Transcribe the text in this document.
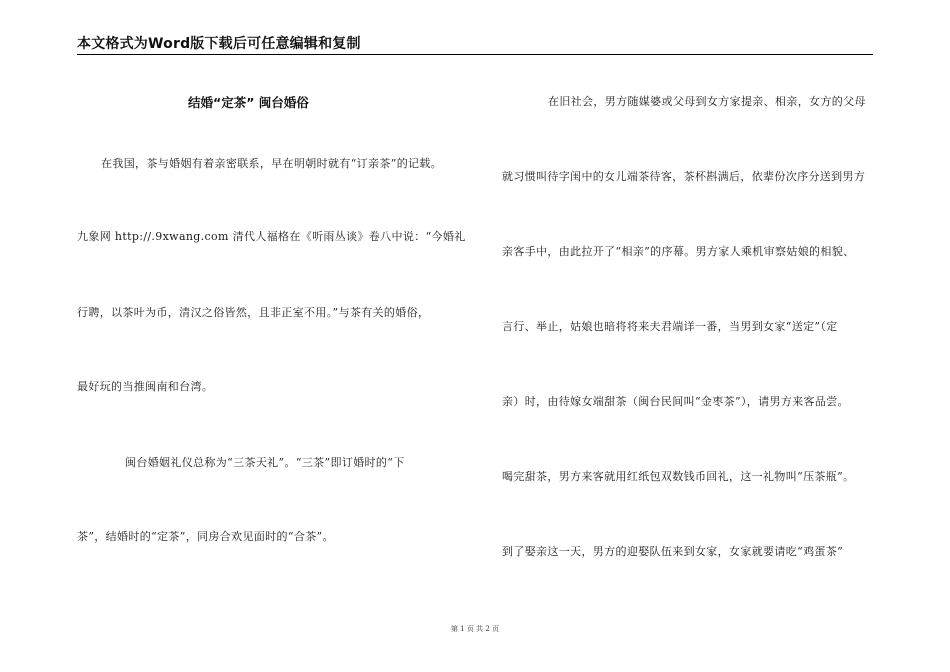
本文格式为Word版下载后可任意编辑和复制
结婚“定茶” 闽台婚俗
在我国，茶与婚姻有着亲密联系，早在明朝时就有“订亲茶”的记载。
九象网 http://.9xwang.com 清代人福格在《听雨丛谈》卷八中说：“今婚礼
行聘，以茶叶为币，清汉之俗皆然，且非正室不用。”与茶有关的婚俗，
最好玩的当推闽南和台湾。
闽台婚姻礼仪总称为“三茶天礼”。“三茶”即订婚时的“下
茶”，结婚时的“定茶”，同房合欢见面时的“合茶”。
在旧社会，男方随媒婆或父母到女方家提亲、相亲，女方的父母
就习惯叫待字闺中的女儿端茶待客，茶杯斟满后，依辈份次序分送到男方
亲客手中，由此拉开了“相亲”的序幕。男方家人乘机审察姑娘的相貌、
言行、举止，姑娘也暗将将来夫君端详一番，当男到女家“送定”（定
亲）时，由待嫁女端甜茶（闽台民间叫“金枣茶”），请男方来客品尝。
喝完甜茶，男方来客就用红纸包双数钱币回礼，这一礼物叫“压茶瓶”。
到了娶亲这一天，男方的迎娶队伍来到女家，女家就要请吃“鸡蛋茶”
第 1 页 共 2 页
